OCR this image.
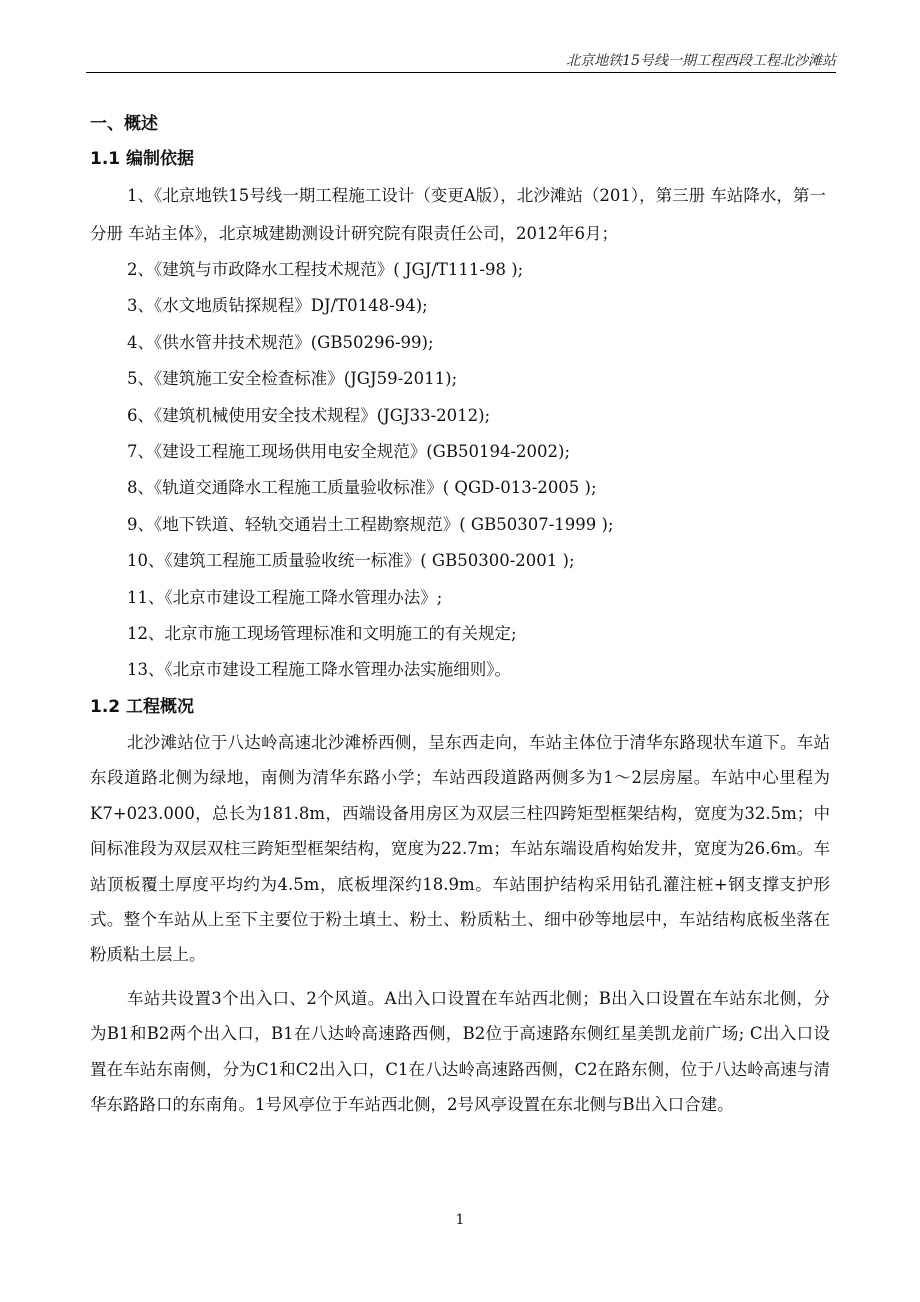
北京地铁15号线一期工程西段工程北沙滩站
一、概述
1.1 编制依据

1、《北京地铁15号线一期工程施工设计（变更A版），北沙滩站（201），第三册 车站降水，第一分册 车站主体》，北京城建勘测设计研究院有限责任公司，2012年6月；

2、《建筑与市政降水工程技术规范》( JGJ/T111-98 );

3、《水文地质钻探规程》DJ/T0148-94);

4、《供水管井技术规范》(GB50296-99);

5、《建筑施工安全检查标准》(JGJ59-2011);

6、《建筑机械使用安全技术规程》(JGJ33-2012);

7、《建设工程施工现场供用电安全规范》(GB50194-2002);

8、《轨道交通降水工程施工质量验收标准》( QGD-013-2005 );

9、《地下铁道、轻轨交通岩土工程勘察规范》( GB50307-1999 );

10、《建筑工程施工质量验收统一标准》( GB50300-2001 );

11、《北京市建设工程施工降水管理办法》;

12、北京市施工现场管理标准和文明施工的有关规定;

13、《北京市建设工程施工降水管理办法实施细则》。

1.2 工程概况

北沙滩站位于八达岭高速北沙滩桥西侧，呈东西走向，车站主体位于清华东路现状车道下。车站东段道路北侧为绿地，南侧为清华东路小学；车站西段道路两侧多为1～2层房屋。车站中心里程为K7+023.000，总长为181.8m，西端设备用房区为双层三柱四跨矩型框架结构，宽度为32.5m；中间标准段为双层双柱三跨矩型框架结构，宽度为22.7m；车站东端设盾构始发井，宽度为26.6m。车站顶板覆土厚度平均约为4.5m，底板埋深约18.9m。车站围护结构采用钻孔灌注桩+钢支撑支护形式。整个车站从上至下主要位于粉土填土、粉土、粉质粘土、细中砂等地层中，车站结构底板坐落在粉质粘土层上。

车站共设置3个出入口、2个风道。A出入口设置在车站西北侧；B出入口设置在车站东北侧，分为B1和B2两个出入口，B1在八达岭高速路西侧，B2位于高速路东侧红星美凯龙前广场; C出入口设置在车站东南侧，分为C1和C2出入口，C1在八达岭高速路西侧，C2在路东侧，位于八达岭高速与清华东路路口的东南角。1号风亭位于车站西北侧，2号风亭设置在东北侧与B出入口合建。

1
